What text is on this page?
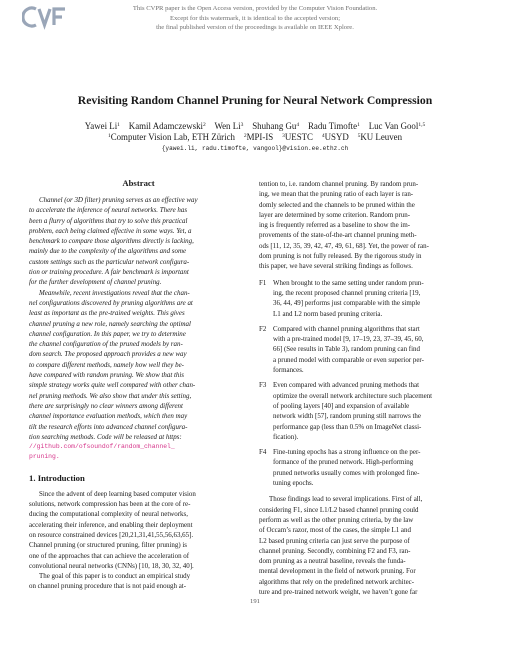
This CVPR paper is the Open Access version, provided by the Computer Vision Foundation.
Except for this watermark, it is identical to the accepted version;
the final published version of the proceedings is available on IEEE Xplore.
Revisiting Random Channel Pruning for Neural Network Compression
Yawei Li$^1$ Kamil Adamczewski$^2$ Wen Li$^3$ Shuhang Gu$^4$ Radu Timofte$^1$ Luc Van Gool$^{1,5}$
$^1$Computer Vision Lab, ETH Zürich $^2$MPI-IS $^3$UESTC $^4$USYD $^5$KU Leuven
{yawei.li, radu.timofte, vangool}@vision.ee.ethz.ch
Abstract
Channel (or 3D filter) pruning serves as an effective way
to accelerate the inference of neural networks. There has
been a flurry of algorithms that try to solve this practical
problem, each being claimed effective in some ways. Yet, a
benchmark to compare those algorithms directly is lacking,
mainly due to the complexity of the algorithms and some
custom settings such as the particular network configura-
tion or training procedure. A fair benchmark is important
for the further development of channel pruning.
Meanwhile, recent investigations reveal that the chan-
nel configurations discovered by pruning algorithms are at
least as important as the pre-trained weights. This gives
channel pruning a new role, namely searching the optimal
channel configuration. In this paper, we try to determine
the channel configuration of the pruned models by ran-
dom search. The proposed approach provides a new way
to compare different methods, namely how well they be-
have compared with random pruning. We show that this
simple strategy works quite well compared with other chan-
nel pruning methods. We also show that under this setting,
there are surprisingly no clear winners among different
channel importance evaluation methods, which then may
tilt the research efforts into advanced channel configura-
tion searching methods. Code will be released at https:
//github.com/ofsoundof/random_channel_
pruning.
1. Introduction
Since the advent of deep learning based computer vision
solutions, network compression has been at the core of re-
ducing the computational complexity of neural networks,
accelerating their inference, and enabling their deployment
on resource constrained devices [20,21,31,41,55,56,63,65].
Channel pruning (or structured pruning, filter pruning) is
one of the approaches that can achieve the acceleration of
convolutional neural networks (CNNs) [10, 18, 30, 32, 40].
The goal of this paper is to conduct an empirical study
on channel pruning procedure that is not paid enough at-
tention to, i.e. random channel pruning. By random prun-
ing, we mean that the pruning ratio of each layer is ran-
domly selected and the channels to be pruned within the
layer are determined by some criterion. Random prun-
ing is frequently referred as a baseline to show the im-
provements of the state-of-the-art channel pruning meth-
ods [11, 12, 35, 39, 42, 47, 49, 61, 68]. Yet, the power of ran-
dom pruning is not fully released. By the rigorous study in
this paper, we have several striking findings as follows.
F1 When brought to the same setting under random prun-
ing, the recent proposed channel pruning criteria [19,
36, 44, 49] performs just comparable with the simple
L1 and L2 norm based pruning criteria.
F2 Compared with channel pruning algorithms that start
with a pre-trained model [9, 17–19, 23, 37–39, 45, 60,
66] (See results in Table 3), random pruning can find
a pruned model with comparable or even superior per-
formances.
F3 Even compared with advanced pruning methods that
optimize the overall network architecture such placement
of pooling layers [40] and expansion of available
network width [57], random pruning still narrows the
performance gap (less than 0.5% on ImageNet classi-
fication).
F4 Fine-tuning epochs has a strong influence on the per-
formance of the pruned network. High-performing
pruned networks usually comes with prolonged fine-
tuning epochs.
Those findings lead to several implications. First of all,
considering F1, since L1/L2 based channel pruning could
perform as well as the other pruning criteria, by the law
of Occam’s razor, most of the cases, the simple L1 and
L2 based pruning criteria can just serve the purpose of
channel pruning. Secondly, combining F2 and F3, ran-
dom pruning as a neutral baseline, reveals the funda-
mental development in the field of network pruning. For
algorithms that rely on the predefined network architec-
ture and pre-trained network weight, we haven’t gone far
191
